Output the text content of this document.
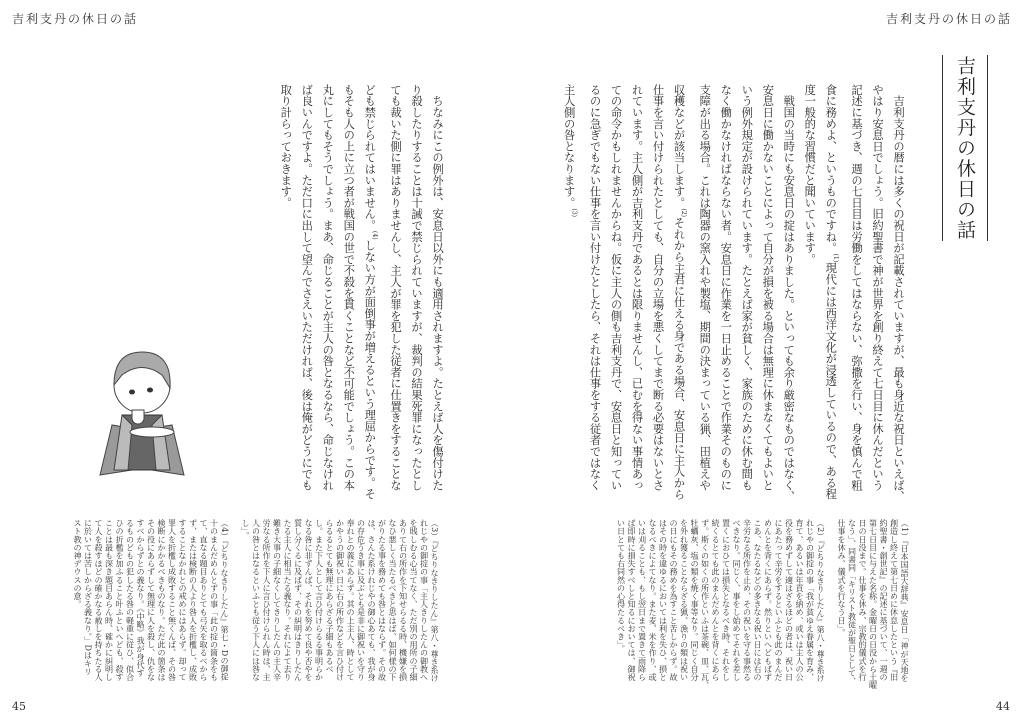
吉利支丹の休日の話	吉利支丹の休日の話
吉利支丹の休日の話
　吉利支丹の暦には多くの祝日が記載されていますが、最も身近な祝日といえば、
やはり安息日でしょう。旧約聖書で神が世界を創り終えて七日目に休んだという
記述に基づき、週の七日目は労働をしてはならない、弥撒を行い、身を慎んで粗
食に務めよ、というものですね。$^{(1)}$現代には西洋文化が浸透しているので、ある程
度一般的な習慣だと聞いています。
　戦国の当時にも安息日の掟はありました。といっても余り厳密なものではなく、
安息日に働かないことによって自分が損を被る場合は無理に休まなくてもよいと
いう例外規定が設けられています。たとえば家が貧しく、家族のために休む間も
なく働かなければならない者。安息日に作業を一日止めることで作業そのものに
支障が出る場合。これは陶器の窯入れや製塩、期間の決まっている猟、田植えや
収穫などが該当します。$^{(2)}$それから主君に仕える身である場合、安息日に主人から
仕事を言い付けられたとしても、自分の立場を悪くしてまで断る必要はないとさ
れています。主人側が吉利支丹であるとは限りませんし、已むを得ない事情あっ
ての命令かもしれませんからね。仮に主人の側も吉利支丹で、安息日と知ってい
るのに急ぎでもない仕事を言い付けたとしたら、それは仕事をする従者ではなく
主人側の咎となります。$^{(3)}$
　ちなみにこの例外は、安息日以外にも適用されますよ。たとえば人を傷付けた
り殺したりすることは十誡で禁じられていますが、裁判の結果死罪になったとし
ても裁いた側に罪はありませんし、主人が罪を犯した従者に仕置きをすることな
ども禁じられてはいません。$^{(4)}$しない方が面倒事が増えるという理屈からです。そ
もそも人の上に立つ者が戦国の世で不殺を貫くことなど不可能でしょう。この本
丸にしてもそうでしょう。まあ、命じることが主人の咎となるなら、命じなけれ
ば良いんですよ。ただ口に出して望んでさえいただければ、後は俺がどうにでも
取り計らっておきます。
（1）『日本国語大辞典』安息日「神が天地を
創造し終えて第七日めに休息したという『旧
約聖書・創世記』の記述に基づいて、一週の
第七日目に与えた名称。金曜日の日没から土曜
日の日没まで。仕事を休み、宗教的儀式を行
なう」、同書同「キリスト教徒が聖日として、
仕事を休み、儀式を行なう日」。
（2）『どちりなきりしたん』第八・尊き系け
れじやの御掟の事「我が貧ゆえ眷属を育み、
育て、あるいは年貢を納め、或いは主人の公
役を務めずして適はざるほどの者は、祝い日
にあたって辛労をするといふとも此のまんだ
めんとを背くにあらず。然りといへどもばず
こあ、なたるなどの多きなる祝い日には右の
辛労なる所作を止め、その祝いを守る事然る
べきなり。同じく、事をし始めてそれを差し
置くにおひては損失となるべき時、それをし
続くるとても此のまんだめんとを背くにあら
ず。斯くの如くの所作といふは茶碗、皿、瓦、
牡蠣灰、塩の類を焼く事等なり。同じく自分
を外れ獲ることならざる猟、漁りの類は祝い
の日にもその務めを為すこと苦しからず。故
はその時を違ゆるにおいては利を失ひ、損と
なるべきによてなり。また麦、米を作り、或
いは刈ることも、もし翌日まで置きて雨降ら
ば即時に損失すべしと知るにおいては、御祝
い日とても右同然の心得たるべき」。
（3）『どちりなきりしたん』第八・尊き系け
れじやの御掟の事「主人きりしたんの御教へ
を賎しむる心当てなく、ただ別の用所の子細
ありて右の所作を下知せらるる時、機嫌を損
なひ悪しく当たるべきと思はば、如何様の下
がりたる事を務めても咎とはならず。その故
は、さんた系けれじやの御心あても、我が身
の存危うき事に及ぶとも是非に御祝いを守り
奉れとの義にあらず。其の上主人、時として
かやうの御祝い日に右の所作などを言ひ付け
らるるとても無理にあらざる子細もあるべ
し。また下人として言ひ付けらるる事明らか
なる咎に非ずんば、それを努めて良や否やを
質し分くるに及ばず、その糾明はきりしたん
たる主人に相当たる義なり。それによて去り
難き大事の子細なくしてきりしたんの主人辛
労なる所作を下人に言ひ付けられん時は、主
人の咎とはなるといふとも従う下人には咎な
し」。
（4）『どちりなきりしたん』第七・Dの御掟
十のまんだめんとずの事「此の掟の箇条をも
て、直なる題目ありとても弓矢を取るべから
ず、または検断の人より咎人を折檻し、成敗
することなかれとの戒めにはあらず。却って
罪人を折檻し成敗すること無くんば、その咎
検断にかかるべきものなり。ただ此の箇条は
その役にあらずして無理に人を殺し、仇をな
すべからずとの義なり。《中略》我が身代す
るものどもの犯したる咎の軽重に従ひ、似合
ひの折檻を加ふること叶ふといへども、殺す
ことは最も深き題目あらん時、確かに糾明し
て人を殺すほどの確かなる赦しを持ちたる人
に於いては苦しからざる義なり。」Dはキリ
スト教の神デウスの意。
45	44
